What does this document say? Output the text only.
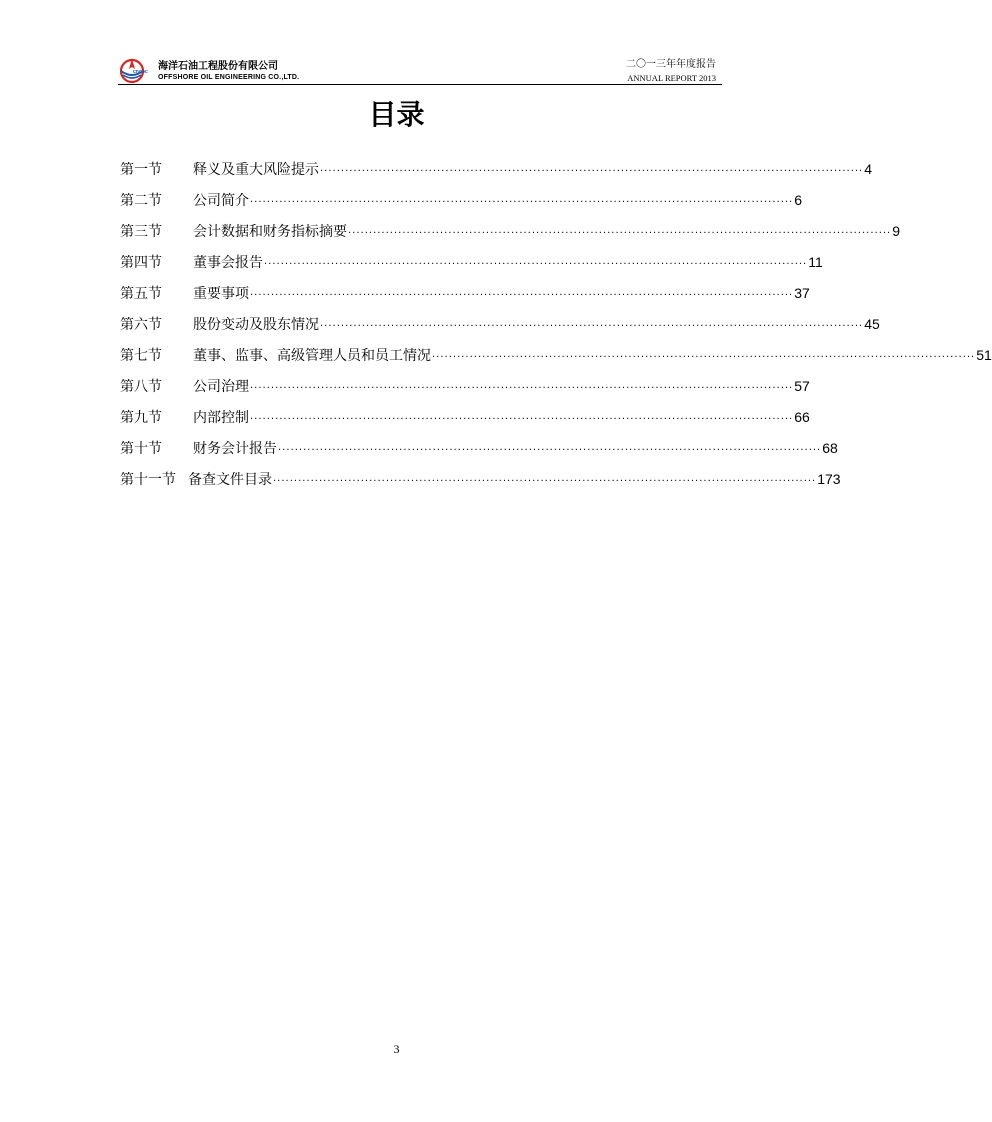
cnooc 海洋石油工程股份有限公司
OFFSHORE OIL ENGINEERING CO.,LTD.
二〇一三年年度报告
ANNUAL REPORT 2013
目录
第一节	释义及重大风险提示 ·····	4
第二节	公司简介 ·····	6
第三节	会计数据和财务指标摘要 ·····	9
第四节	董事会报告 ·····	11
第五节	重要事项 ·····	37
第六节	股份变动及股东情况 ·····	45
第七节	董事、监事、高级管理人员和员工情况 ·····	51
第八节	公司治理 ·····	57
第九节	内部控制 ·····	66
第十节	财务会计报告 ·····	68
第十一节 备查文件目录 ·····	173
3
